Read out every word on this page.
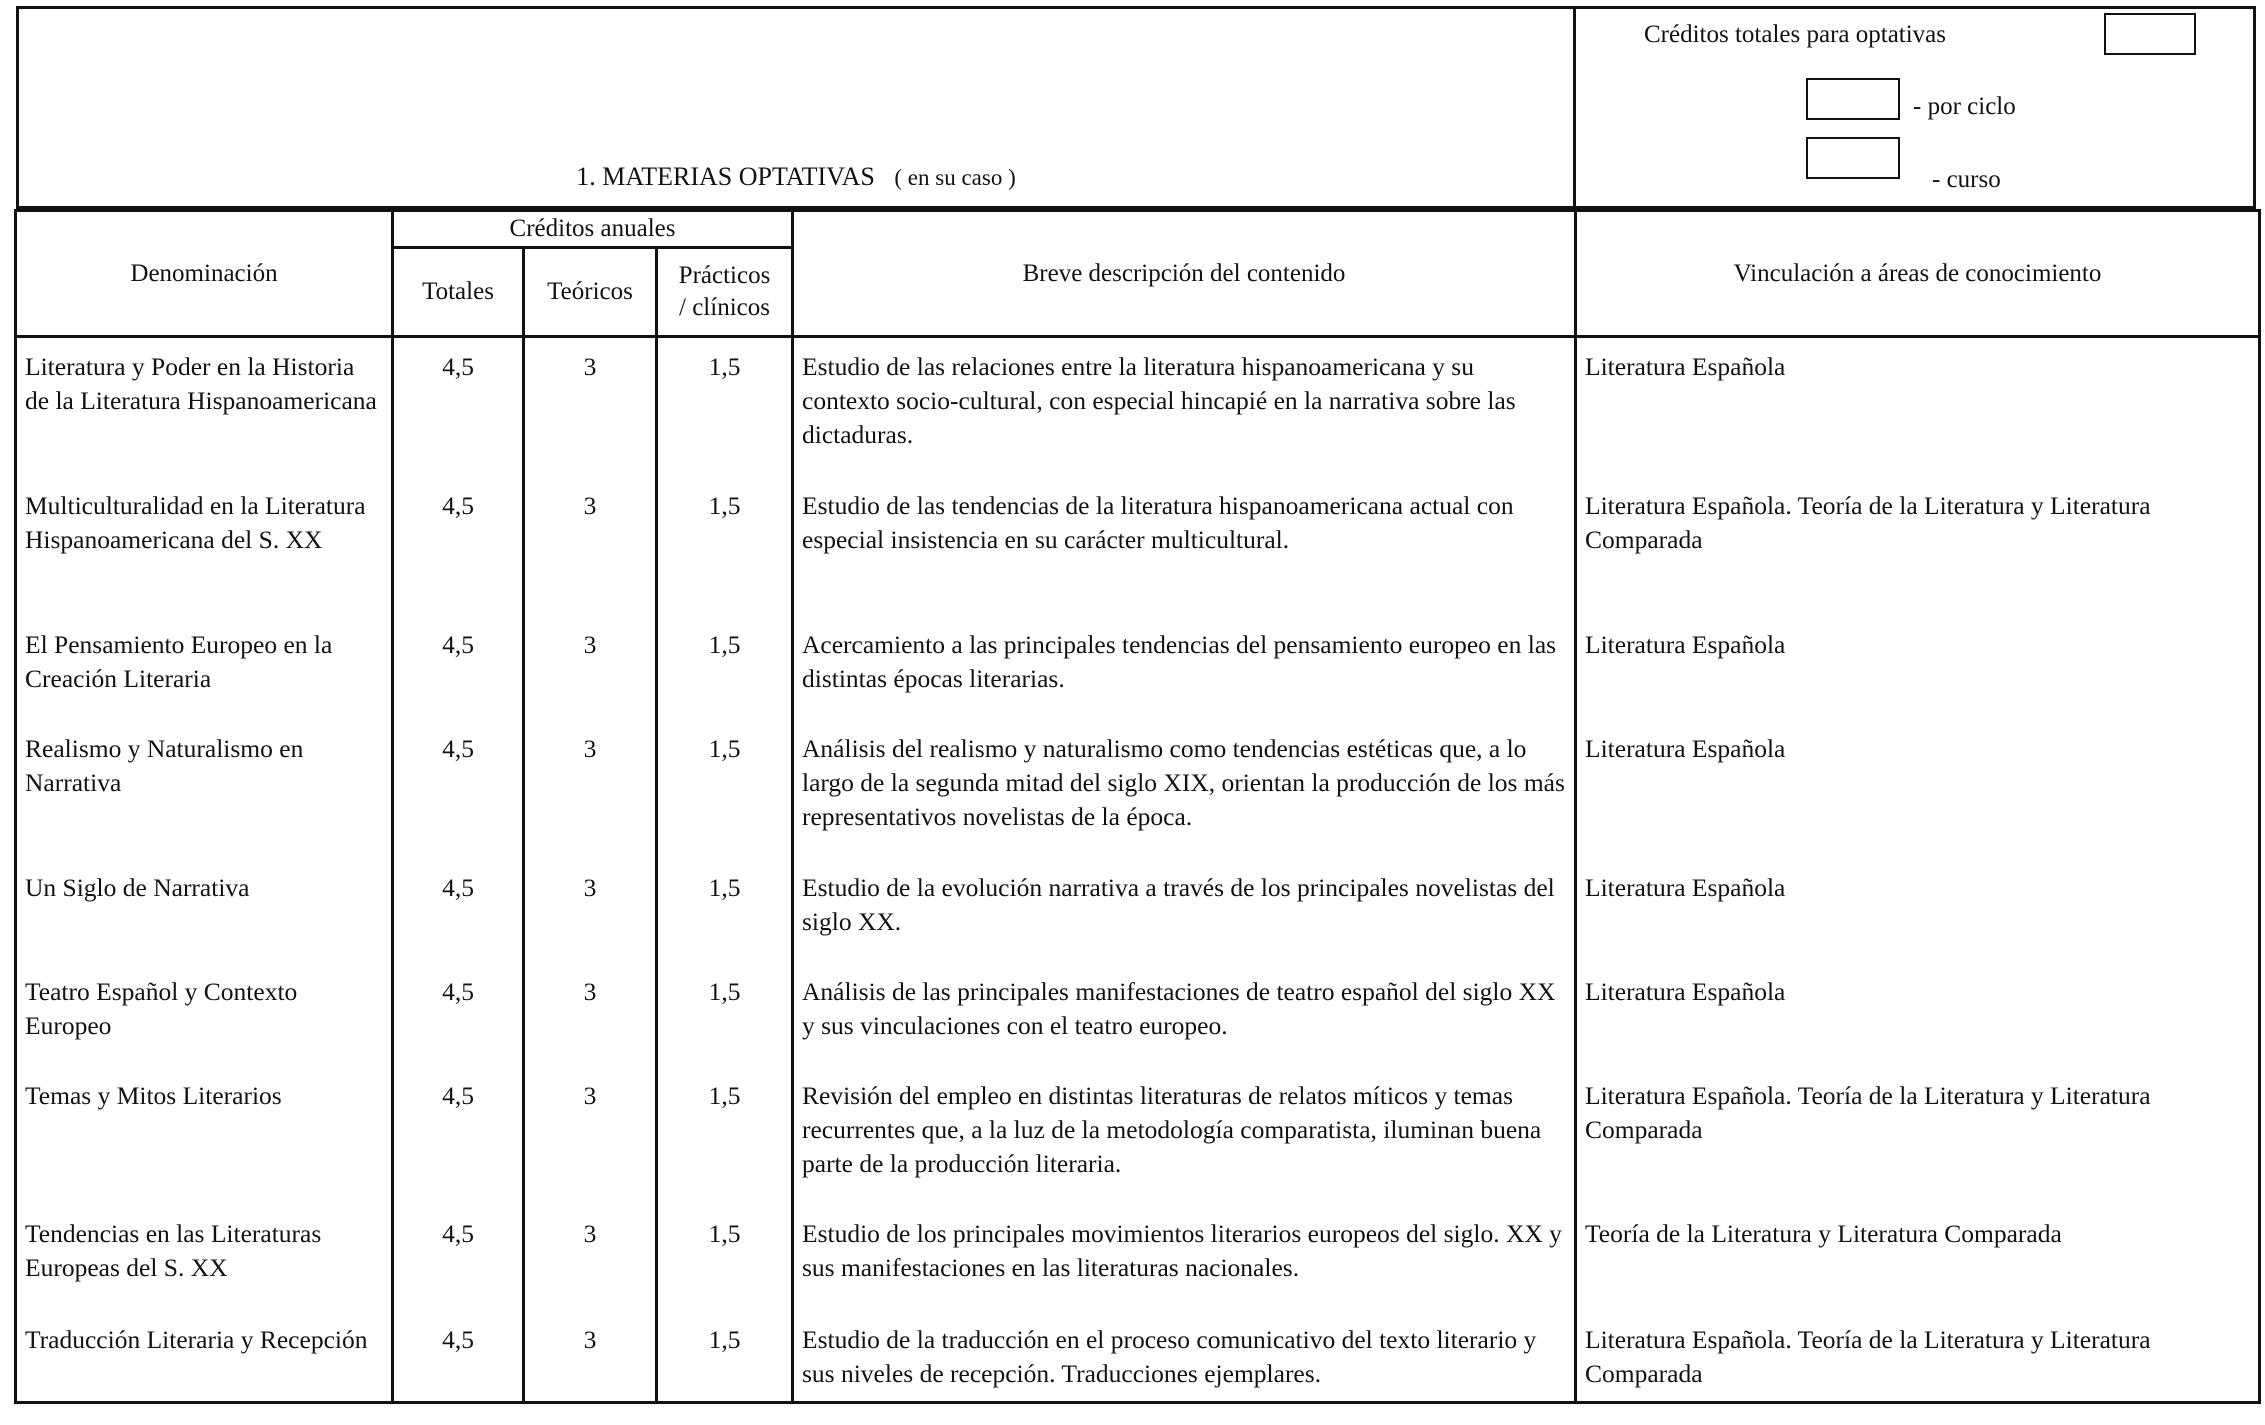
1. MATERIAS OPTATIVAS ( en su caso )
Créditos totales para optativas
- por ciclo
- curso
Denominación	Créditos anuales			Breve descripción del contenido	Vinculación a áreas de conocimiento
	Totales	Teóricos	Prácticos
/ clínicos		

Literatura y Poder en la Historia de la Literatura Hispanoamericana	4,5	3	1,5	Estudio de las relaciones entre la literatura hispanoamericana y su contexto socio-cultural, con especial hincapié en la narrativa sobre las dictaduras.	Literatura Española
Multiculturalidad en la Literatura Hispanoamericana del S. XX	4,5	3	1,5	Estudio de las tendencias de la literatura hispanoamericana actual con especial insistencia en su carácter multicultural.	Literatura Española. Teoría de la Literatura y Literatura Comparada
El Pensamiento Europeo en la Creación Literaria	4,5	3	1,5	Acercamiento a las principales tendencias del pensamiento europeo en las distintas épocas literarias.	Literatura Española
Realismo y Naturalismo en Narrativa	4,5	3	1,5	Análisis del realismo y naturalismo como tendencias estéticas que, a lo largo de la segunda mitad del siglo XIX, orientan la producción de los más representativos novelistas de la época.	Literatura Española
Un Siglo de Narrativa	4,5	3	1,5	Estudio de la evolución narrativa a través de los principales novelistas del siglo XX.	Literatura Española
Teatro Español y Contexto Europeo	4,5	3	1,5	Análisis de las principales manifestaciones de teatro español del siglo XX y sus vinculaciones con el teatro europeo.	Literatura Española
Temas y Mitos Literarios	4,5	3	1,5	Revisión del empleo en distintas literaturas de relatos míticos y temas recurrentes que, a la luz de la metodología comparatista, iluminan buena parte de la producción literaria.	Literatura Española. Teoría de la Literatura y Literatura Comparada
Tendencias en las Literaturas Europeas del S. XX	4,5	3	1,5	Estudio de los principales movimientos literarios europeos del siglo. XX y sus manifestaciones en las literaturas nacionales.	Teoría de la Literatura y Literatura Comparada
Traducción Literaria y Recepción	4,5	3	1,5	Estudio de la traducción en el proceso comunicativo del texto literario y sus niveles de recepción. Traducciones ejemplares.	Literatura Española. Teoría de la Literatura y Literatura Comparada
